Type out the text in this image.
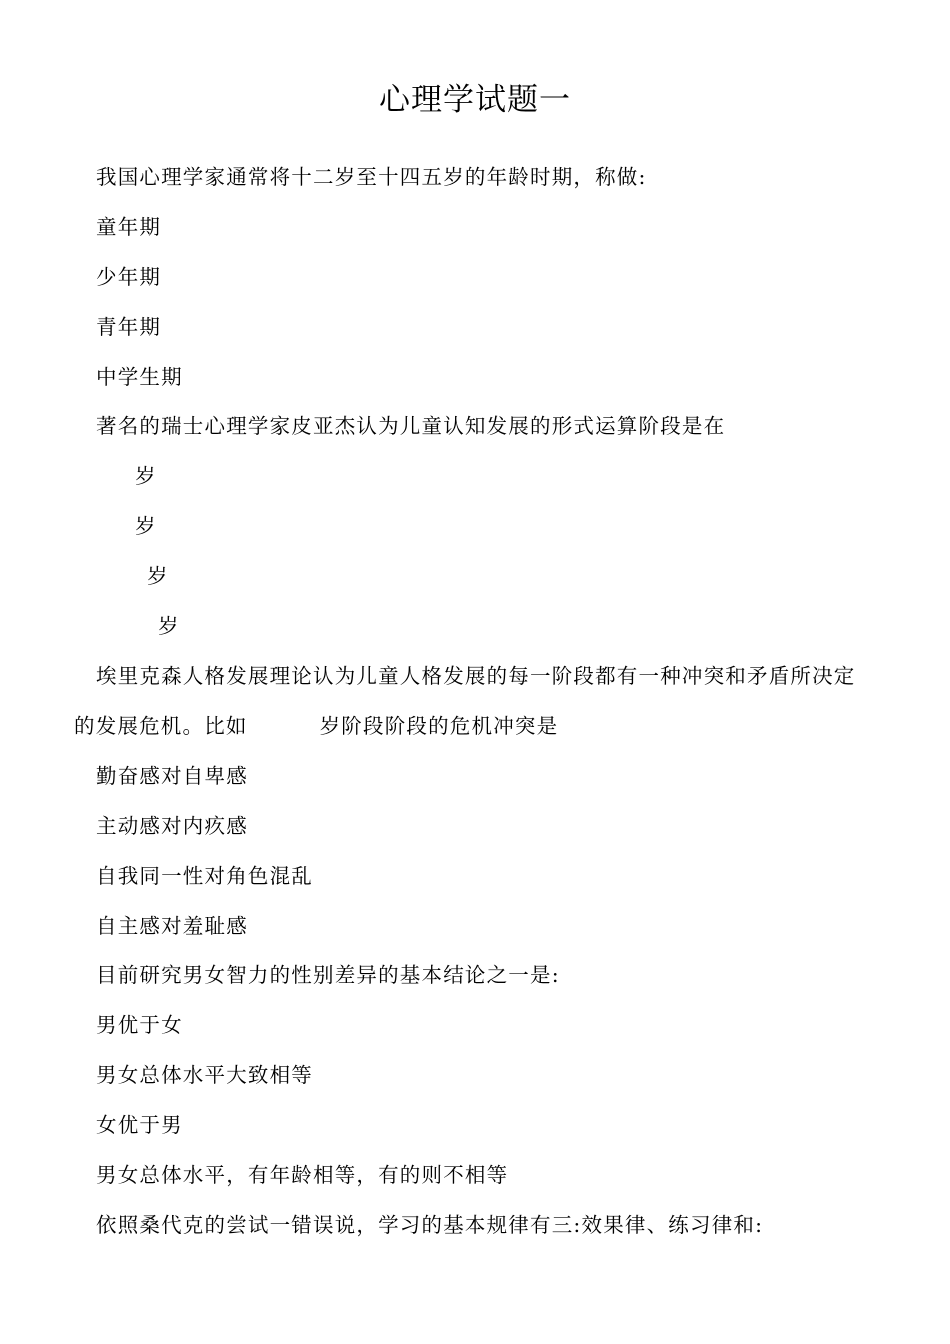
心理学试题一
我国心理学家通常将十二岁至十四五岁的年龄时期，称做:
童年期
少年期
青年期
中学生期
著名的瑞士心理学家皮亚杰认为儿童认知发展的形式运算阶段是在
岁
岁
岁
岁
埃里克森人格发展理论认为儿童人格发展的每一阶段都有一种冲突和矛盾所决定
的发展危机。比如	岁阶段阶段的危机冲突是
勤奋感对自卑感
主动感对内疚感
自我同一性对角色混乱
自主感对羞耻感
目前研究男女智力的性别差异的基本结论之一是:
男优于女
男女总体水平大致相等
女优于男
男女总体水平，有年龄相等，有的则不相等
依照桑代克的尝试一错误说，学习的基本规律有三:效果律、练习律和:
